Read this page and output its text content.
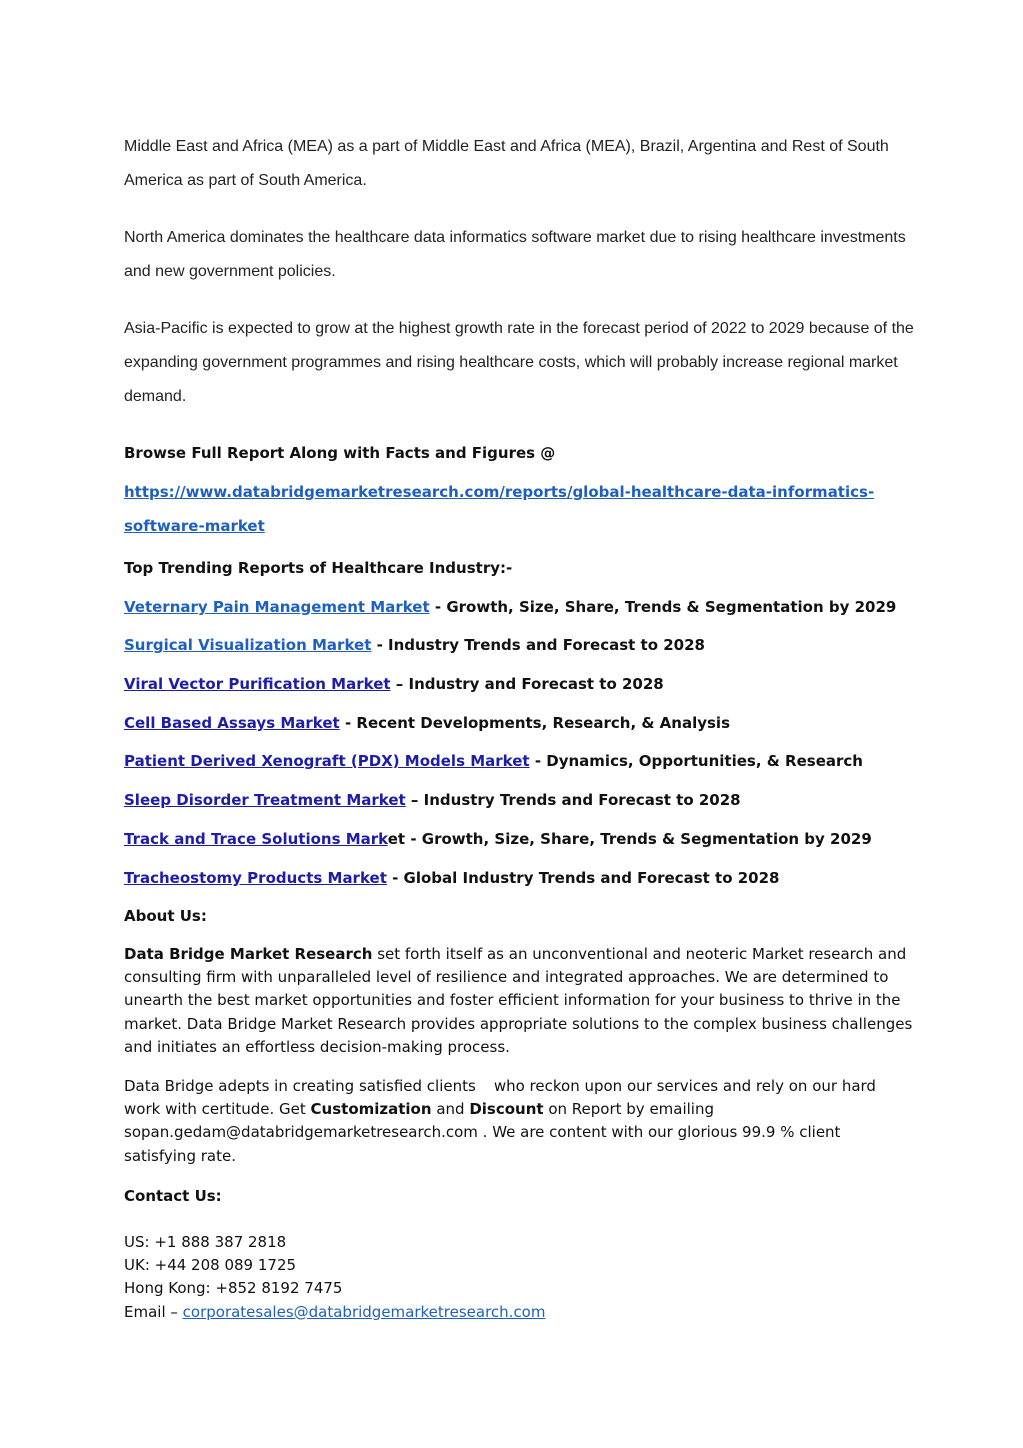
Middle East and Africa (MEA) as a part of Middle East and Africa (MEA), Brazil, Argentina and Rest of South America as part of South America.

North America dominates the healthcare data informatics software market due to rising healthcare investments and new government policies.

Asia-Pacific is expected to grow at the highest growth rate in the forecast period of 2022 to 2029 because of the expanding government programmes and rising healthcare costs, which will probably increase regional market demand.

Browse Full Report Along with Facts and Figures @

https://www.databridgemarketresearch.com/reports/global-healthcare-data-informatics-
software-market

Top Trending Reports of Healthcare Industry:-

Veternary Pain Management Market - Growth, Size, Share, Trends & Segmentation by 2029

Surgical Visualization Market - Industry Trends and Forecast to 2028

Viral Vector Purification Market – Industry and Forecast to 2028

Cell Based Assays Market - Recent Developments, Research, & Analysis

Patient Derived Xenograft (PDX) Models Market - Dynamics, Opportunities, & Research

Sleep Disorder Treatment Market – Industry Trends and Forecast to 2028

Track and Trace Solutions Market - Growth, Size, Share, Trends & Segmentation by 2029

Tracheostomy Products Market - Global Industry Trends and Forecast to 2028

About Us:

Data Bridge Market Research set forth itself as an unconventional and neoteric Market research and consulting firm with unparalleled level of resilience and integrated approaches. We are determined to unearth the best market opportunities and foster efficient information for your business to thrive in the market. Data Bridge Market Research provides appropriate solutions to the complex business challenges and initiates an effortless decision-making process.

Data Bridge adepts in creating satisfied clients who reckon upon our services and rely on our hard work with certitude. Get Customization and Discount on Report by emailing sopan.gedam@databridgemarketresearch.com . We are content with our glorious 99.9 % client satisfying rate.

Contact Us:

US: +1 888 387 2818
UK: +44 208 089 1725
Hong Kong: +852 8192 7475
Email – corporatesales@databridgemarketresearch.com
